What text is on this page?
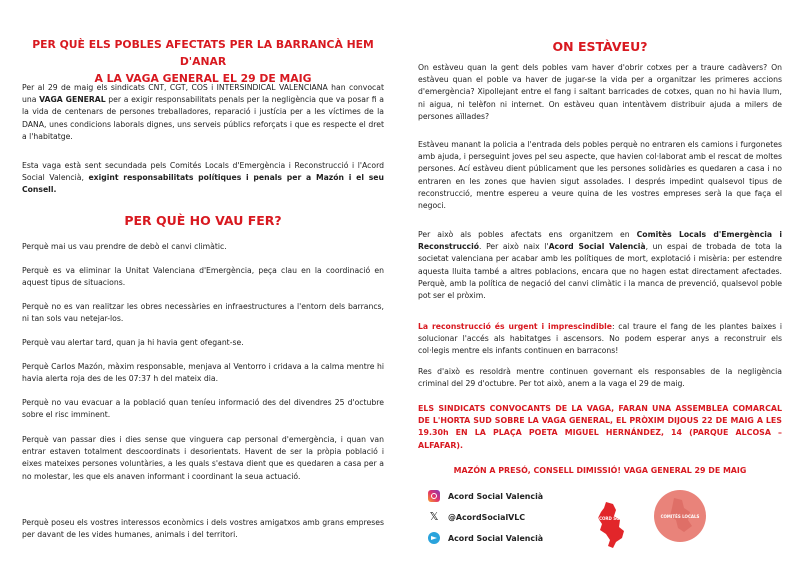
PER QUÈ ELS POBLES AFECTATS PER LA BARRANCÀ HEM D'ANAR
A LA VAGA GENERAL EL 29 DE MAIG

Per al 29 de maig els sindicats CNT, CGT, COS i INTERSINDICAL VALENCIANA han convocat una VAGA GENERAL per a exigir responsabilitats penals per la negligència que va posar fi a la vida de centenars de persones treballadores, reparació i justícia per a les víctimes de la DANA, unes condicions laborals dignes, uns serveis públics reforçats i que es respecte el dret a l'habitatge.

Esta vaga està sent secundada pels Comités Locals d'Emergència i Reconstrucció i l'Acord Social Valencià, exigint responsabilitats polítiques i penals per a Mazón i el seu Consell.

PER QUÈ HO VAU FER?

Perquè mai us vau prendre de debò el canvi climàtic.

Perquè es va eliminar la Unitat Valenciana d'Emergència, peça clau en la coordinació en aquest tipus de situacions.

Perquè no es van realitzar les obres necessàries en infraestructures a l'entorn dels barrancs, ni tan sols vau netejar-los.

Perquè vau alertar tard, quan ja hi havia gent ofegant-se.

Perquè Carlos Mazón, màxim responsable, menjava al Ventorro i cridava a la calma mentre hi havia alerta roja des de les 07:37 h del mateix dia.

Perquè no vau evacuar a la població quan teníeu informació des del divendres 25 d'octubre sobre el risc imminent.

Perquè van passar dies i dies sense que vinguera cap personal d'emergència, i quan van entrar estaven totalment descoordinats i desorientats. Havent de ser la pròpia població i eixes mateixes persones voluntàries, a les quals s'estava dient que es quedaren a casa per a no molestar, les que els anaven informant i coordinant la seua actuació.

Perquè poseu els vostres interessos econòmics i dels vostres amigatxos amb grans empreses per davant de les vides humanes, animals i del territori.

ON ESTÀVEU?

On estàveu quan la gent dels pobles vam haver d'obrir cotxes per a traure cadàvers? On estàveu quan el poble va haver de jugar-se la vida per a organitzar les primeres accions d'emergència? Xipollejant entre el fang i saltant barricades de cotxes, quan no hi havia llum, ni aigua, ni telèfon ni internet. On estàveu quan intentàvem distribuir ajuda a milers de persones aïllades?

Estàveu manant la policia a l'entrada dels pobles perquè no entraren els camions i furgonetes amb ajuda, i perseguint joves pel seu aspecte, que havien col·laborat amb el rescat de moltes persones. Ací estàveu dient públicament que les persones solidàries es quedaren a casa i no entraren en les zones que havien sigut assolades. I després impedint qualsevol tipus de reconstrucció, mentre espereu a veure quina de les vostres empreses serà la que faça el negoci.

Per això als pobles afectats ens organitzem en Comitès Locals d'Emergència i Reconstrucció. Per això naix l'Acord Social Valencià, un espai de trobada de tota la societat valenciana per acabar amb les polítiques de mort, explotació i misèria: per estendre aquesta lluita també a altres poblacions, encara que no hagen estat directament afectades. Perquè, amb la política de negació del canvi climàtic i la manca de prevenció, qualsevol poble pot ser el pròxim.

La reconstrucció és urgent i imprescindible: cal traure el fang de les plantes baixes i solucionar l'accés als habitatges i ascensors. No podem esperar anys a reconstruir els col·legis mentre els infants continuen en barracons!

Res d'això es resoldrà mentre continuen governant els responsables de la negligència criminal del 29 d'octubre. Per tot això, anem a la vaga el 29 de maig.

ELS SINDICATS CONVOCANTS DE LA VAGA, FARAN UNA ASSEMBLEA COMARCAL DE L'HORTA SUD SOBRE LA VAGA GENERAL, EL PRÒXIM DIJOUS 22 DE MAIG A LES 19.30h EN LA PLAÇA POETA MIGUEL HERNÁNDEZ, 14 (PARQUE ALCOSA – ALFAFAR).

MAZÓN A PRESÓ, CONSELL DIMISSIÓ! VAGA GENERAL 29 DE MAIG
Acord Social Valencià
𝕏 @AcordSocialVLC
Acord Social Valencià
ACORD SOCIAL VALENCIÀ COMITÈS LOCALS
